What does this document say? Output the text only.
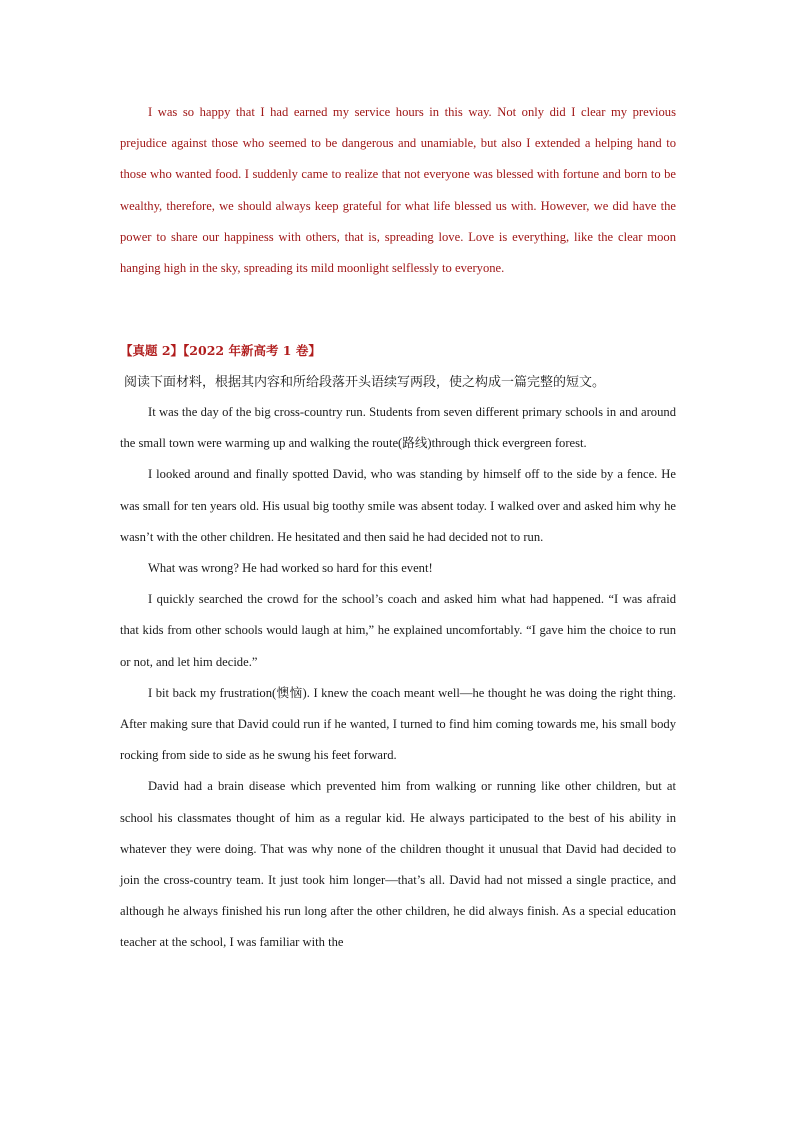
I was so happy that I had earned my service hours in this way. Not only did I clear my previous prejudice against those who seemed to be dangerous and unamiable, but also I extended a helping hand to those who wanted food. I suddenly came to realize that not everyone was blessed with fortune and born to be wealthy, therefore, we should always keep grateful for what life blessed us with. However, we did have the power to share our happiness with others, that is, spreading love. Love is everything, like the clear moon hanging high in the sky, spreading its mild moonlight selflessly to everyone.

【真题 2】【2022 年新高考 1 卷】
阅读下面材料，根据其内容和所给段落开头语续写两段，使之构成一篇完整的短文。

It was the day of the big cross-country run. Students from seven different primary schools in and around the small town were warming up and walking the route(路线)through thick evergreen forest.

I looked around and finally spotted David, who was standing by himself off to the side by a fence. He was small for ten years old. His usual big toothy smile was absent today. I walked over and asked him why he wasn’t with the other children. He hesitated and then said he had decided not to run.

What was wrong? He had worked so hard for this event!

I quickly searched the crowd for the school’s coach and asked him what had happened. “I was afraid that kids from other schools would laugh at him,” he explained uncomfortably. “I gave him the choice to run or not, and let him decide.”

I bit back my frustration(懊恼). I knew the coach meant well—he thought he was doing the right thing. After making sure that David could run if he wanted, I turned to find him coming towards me, his small body rocking from side to side as he swung his feet forward.

David had a brain disease which prevented him from walking or running like other children, but at school his classmates thought of him as a regular kid. He always participated to the best of his ability in whatever they were doing. That was why none of the children thought it unusual that David had decided to join the cross-country team. It just took him longer—that’s all. David had not missed a single practice, and although he always finished his run long after the other children, he did always finish. As a special education teacher at the school, I was familiar with the
